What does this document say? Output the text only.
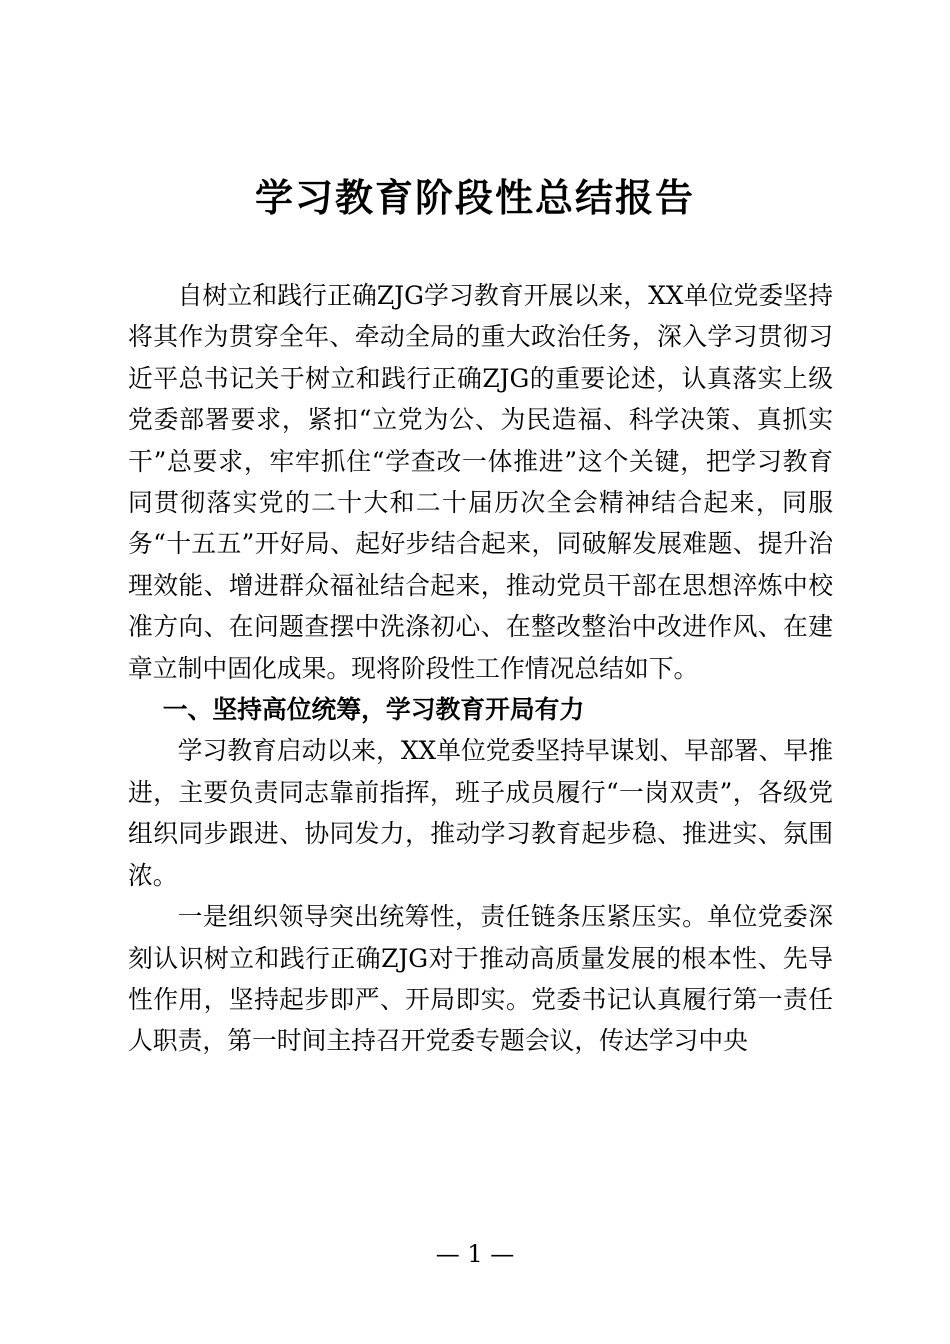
学习教育阶段性总结报告

自树立和践行正确ZJG学习教育开展以来，XX单位党委坚持将其作为贯穿全年、牵动全局的重大政治任务，深入学习贯彻习近平总书记关于树立和践行正确ZJG的重要论述，认真落实上级党委部署要求，紧扣“立党为公、为民造福、科学决策、真抓实干”总要求，牢牢抓住“学查改一体推进”这个关键，把学习教育同贯彻落实党的二十大和二十届历次全会精神结合起来，同服务“十五五”开好局、起好步结合起来，同破解发展难题、提升治理效能、增进群众福祉结合起来，推动党员干部在思想淬炼中校准方向、在问题查摆中洗涤初心、在整改整治中改进作风、在建章立制中固化成果。现将阶段性工作情况总结如下。

一、坚持高位统筹，学习教育开局有力

学习教育启动以来，XX单位党委坚持早谋划、早部署、早推进，主要负责同志靠前指挥，班子成员履行“一岗双责”，各级党组织同步跟进、协同发力，推动学习教育起步稳、推进实、氛围浓。

一是组织领导突出统筹性，责任链条压紧压实。单位党委深刻认识树立和践行正确ZJG对于推动高质量发展的根本性、先导性作用，坚持起步即严、开局即实。党委书记认真履行第一责任人职责，第一时间主持召开党委专题会议，传达学习中央

— 1 —
